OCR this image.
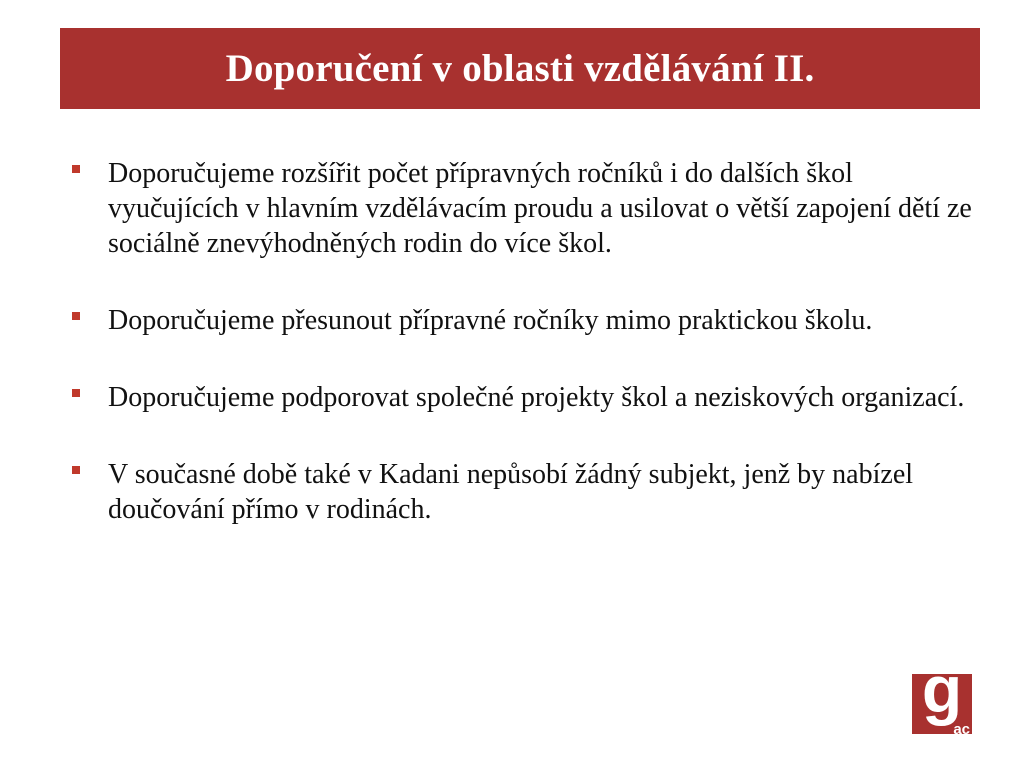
Doporučení v oblasti vzdělávání II.
Doporučujeme rozšířit počet přípravných ročníků i do dalších škol vyučujících v hlavním vzdělávacím proudu a usilovat o větší zapojení dětí ze sociálně znevýhodněných rodin do více škol.
Doporučujeme přesunout přípravné ročníky mimo praktickou školu.
Doporučujeme podporovat společné projekty škol a neziskových organizací.
V současné době také v Kadani nepůsobí žádný subjekt, jenž by nabízel doučování přímo v rodinách.
g
ac
